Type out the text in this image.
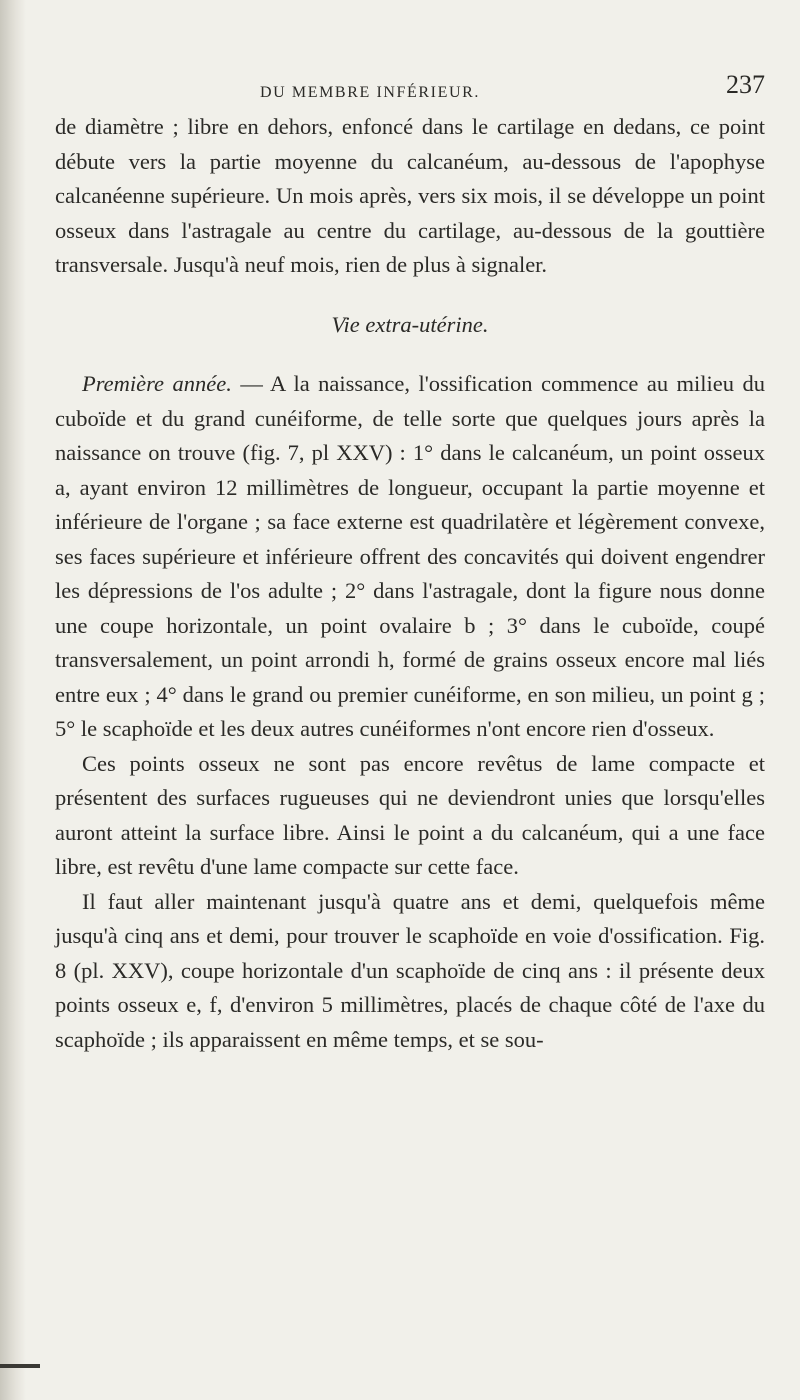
DU MEMBRE INFÉRIEUR.	237

de diamètre ; libre en dehors, enfoncé dans le cartilage en dedans, ce point débute vers la partie moyenne du calcanéum, au-dessous de l'apophyse calcanéenne supérieure. Un mois après, vers six mois, il se développe un point osseux dans l'astragale au centre du cartilage, au-dessous de la gouttière transversale. Jusqu'à neuf mois, rien de plus à signaler.

Vie extra-utérine.

Première année. — A la naissance, l'ossification commence au milieu du cuboïde et du grand cunéiforme, de telle sorte que quelques jours après la naissance on trouve (fig. 7, pl XXV) : 1° dans le calcanéum, un point osseux a, ayant environ 12 millimètres de longueur, occupant la partie moyenne et inférieure de l'organe ; sa face externe est quadrilatère et légèrement convexe, ses faces supérieure et inférieure offrent des concavités qui doivent engendrer les dépressions de l'os adulte ; 2° dans l'astragale, dont la figure nous donne une coupe horizontale, un point ovalaire b ; 3° dans le cuboïde, coupé transversalement, un point arrondi h, formé de grains osseux encore mal liés entre eux ; 4° dans le grand ou premier cunéiforme, en son milieu, un point g ; 5° le scaphoïde et les deux autres cunéiformes n'ont encore rien d'osseux.

Ces points osseux ne sont pas encore revêtus de lame compacte et présentent des surfaces rugueuses qui ne deviendront unies que lorsqu'elles auront atteint la surface libre. Ainsi le point a du calcanéum, qui a une face libre, est revêtu d'une lame compacte sur cette face.

Il faut aller maintenant jusqu'à quatre ans et demi, quelquefois même jusqu'à cinq ans et demi, pour trouver le scaphoïde en voie d'ossification. Fig. 8 (pl. XXV), coupe horizontale d'un scaphoïde de cinq ans : il présente deux points osseux e, f, d'environ 5 millimètres, placés de chaque côté de l'axe du scaphoïde ; ils apparaissent en même temps, et se sou-
